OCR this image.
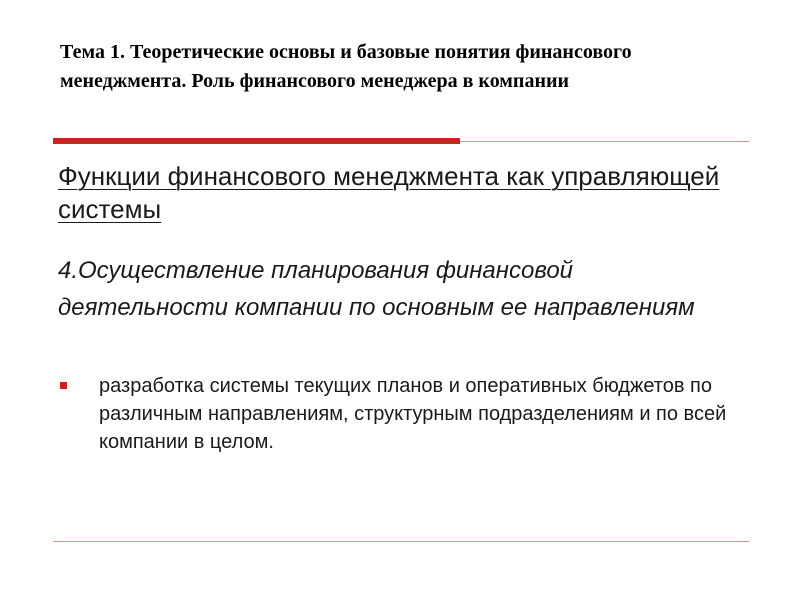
Тема 1. Теоретические основы и базовые понятия финансового менеджмента. Роль финансового менеджера в компании
Функции финансового менеджмента как управляющей системы
4.Осуществление планирования финансовой деятельности компании по основным ее направлениям
разработка системы текущих планов и оперативных бюджетов по различным направлениям, структурным подразделениям и по всей компании в целом.
